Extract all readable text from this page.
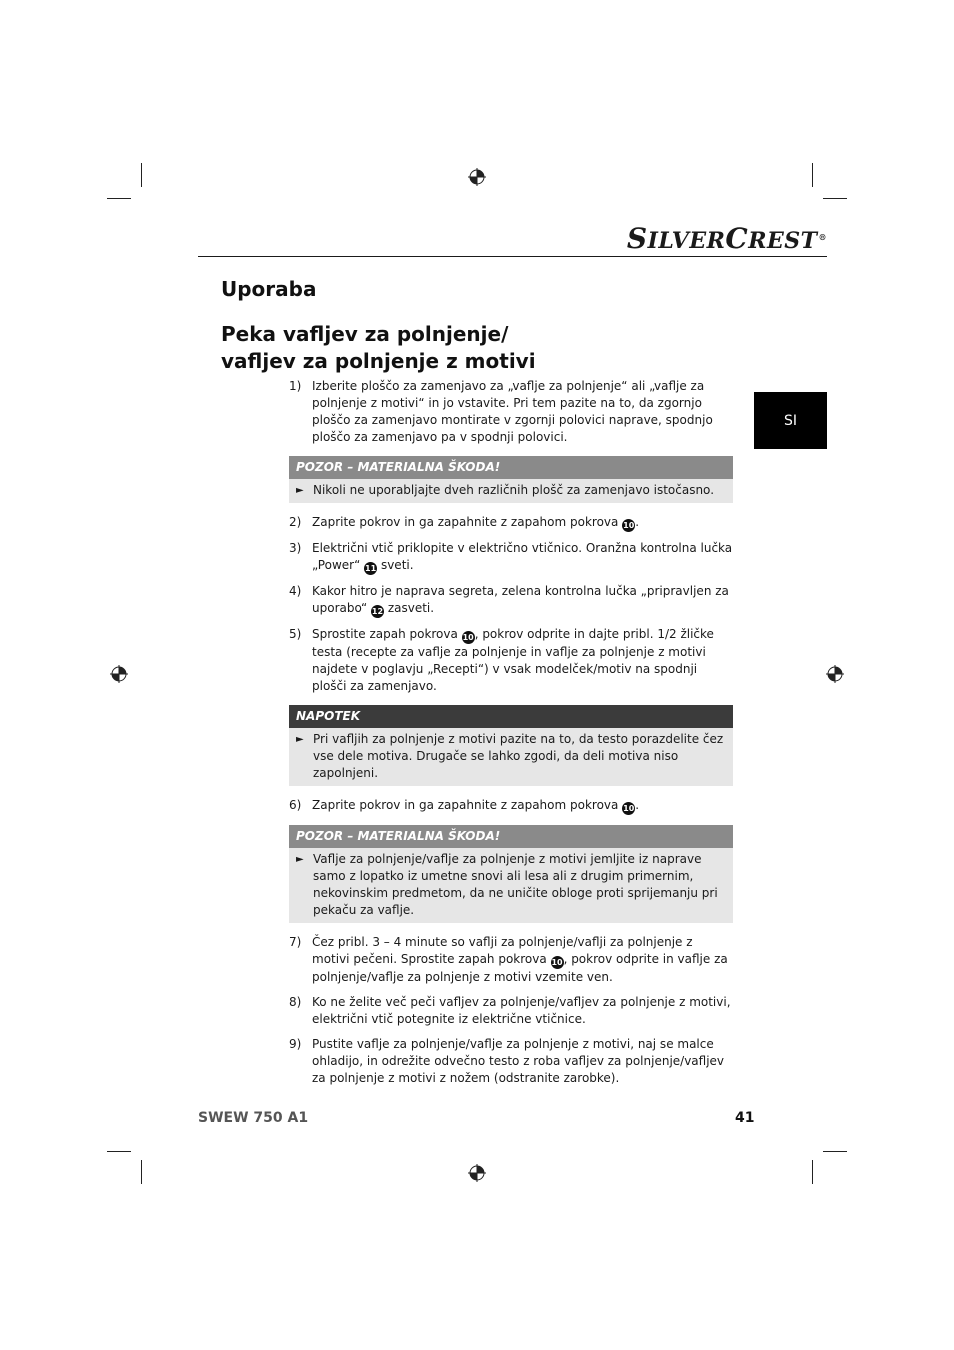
SILVERCREST®
Uporaba
Peka vafljev za polnjenje/
vafljev za polnjenje z motivi
SI
1) Izberite ploščo za zamenjavo za „vaflje za polnjenje“ ali „vaflje za polnjenje z motivi“ in jo vstavite. Pri tem pazite na to, da zgornjo ploščo za zamenjavo montirate v zgornji polovici naprave, spodnjo ploščo za zamenjavo pa v spodnji polovici.
POZOR – MATERIALNA ŠKODA!
► Nikoli ne uporabljajte dveh različnih plošč za zamenjavo istočasno.
2) Zaprite pokrov in ga zapahnite z zapahom pokrova 10.
3) Električni vtič priklopite v električno vtičnico. Oranžna kontrolna lučka „Power“ 11 sveti.
4) Kakor hitro je naprava segreta, zelena kontrolna lučka „pripravljen za uporabo“ 12 zasveti.
5) Sprostite zapah pokrova 10, pokrov odprite in dajte pribl. 1/2 žličke testa (recepte za vaflje za polnjenje in vaflje za polnjenje z motivi najdete v poglavju „Recepti“) v vsak modelček/motiv na spodnji plošči za zamenjavo.
NAPOTEK
► Pri vafljih za polnjenje z motivi pazite na to, da testo porazdelite čez vse dele motiva. Drugače se lahko zgodi, da deli motiva niso zapolnjeni.
6) Zaprite pokrov in ga zapahnite z zapahom pokrova 10.
POZOR – MATERIALNA ŠKODA!
► Vaflje za polnjenje/vaflje za polnjenje z motivi jemljite iz naprave samo z lopatko iz umetne snovi ali lesa ali z drugim primernim, nekovinskim predmetom, da ne uničite obloge proti sprijemanju pri pekaču za vaflje.
7) Čez pribl. 3 – 4 minute so vaflji za polnjenje/vaflji za polnjenje z motivi pečeni. Sprostite zapah pokrova 10, pokrov odprite in vaflje za polnjenje/vaflje za polnjenje z motivi vzemite ven.
8) Ko ne želite več peči vafljev za polnjenje/vafljev za polnjenje z motivi, električni vtič potegnite iz električne vtičnice.
9) Pustite vaflje za polnjenje/vaflje za polnjenje z motivi, naj se malce ohladijo, in odrežite odvečno testo z roba vafljev za polnjenje/vafljev za polnjenje z motivi z nožem (odstranite zarobke).
SWEW 750 A1	41
